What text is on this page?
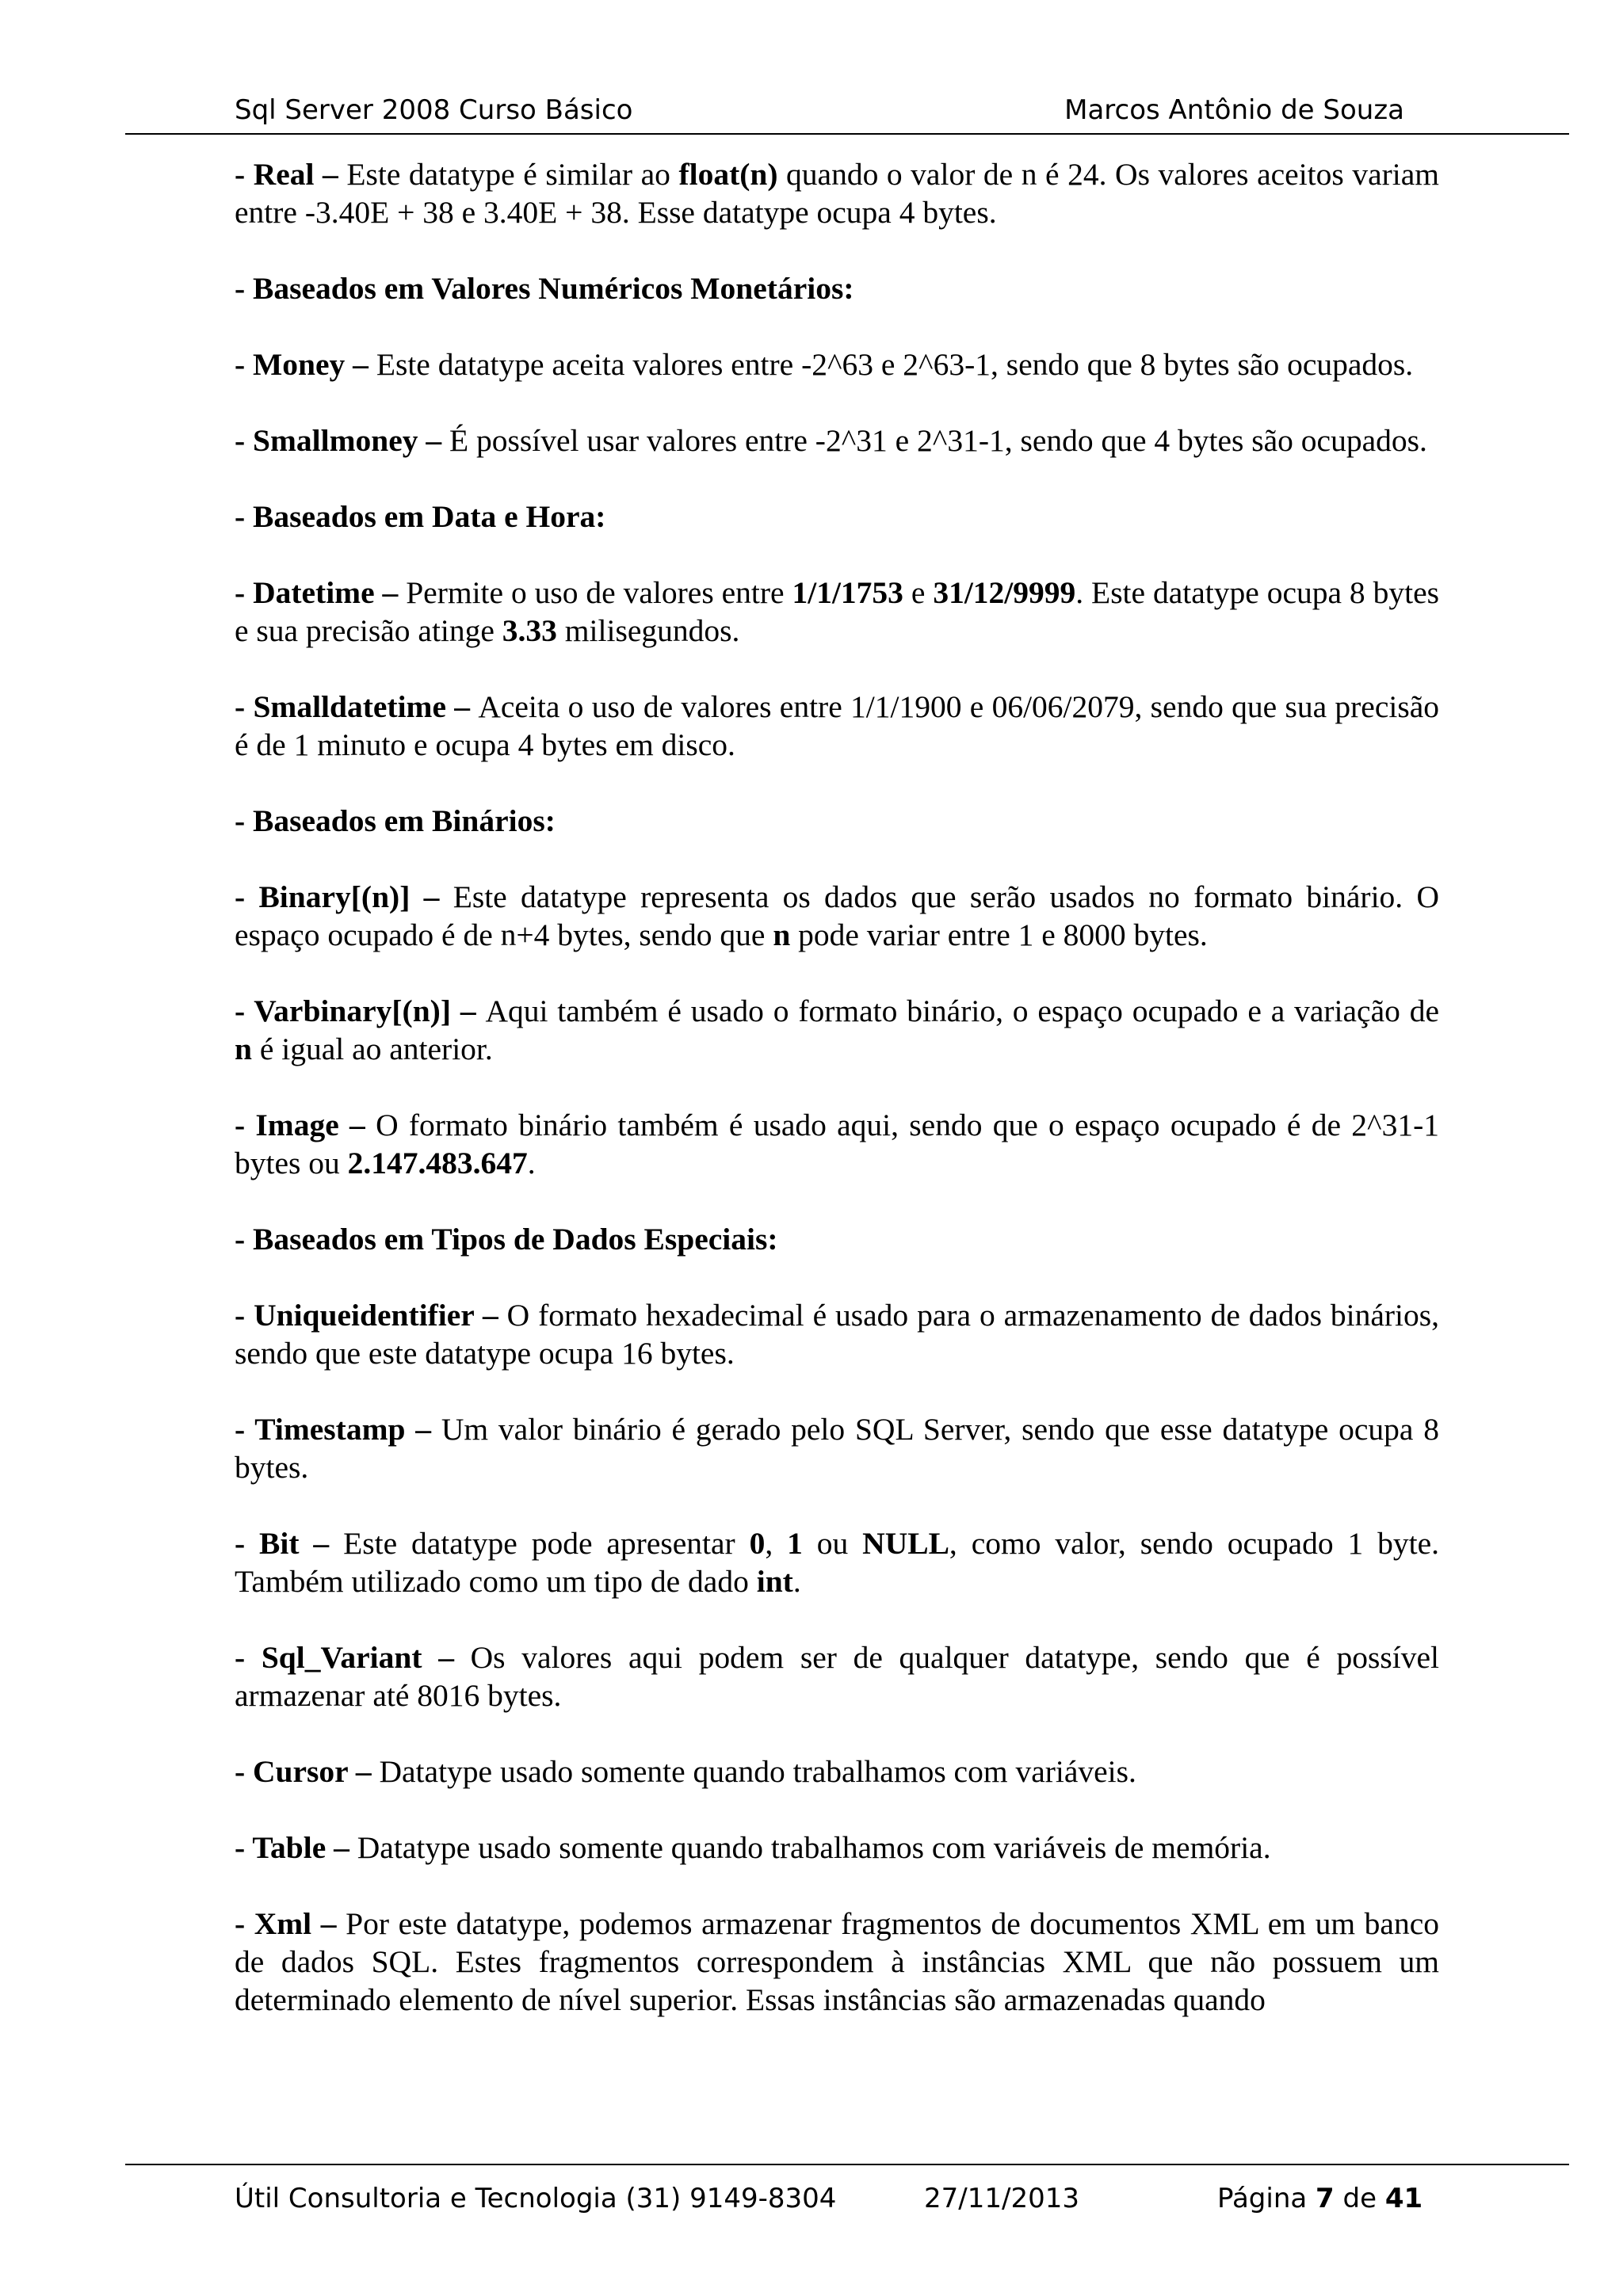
Sql Server 2008 Curso Básico	Marcos Antônio de Souza

- Real – Este datatype é similar ao float(n) quando o valor de n é 24. Os valores aceitos variam entre -3.40E + 38 e 3.40E + 38. Esse datatype ocupa 4 bytes.

- Baseados em Valores Numéricos Monetários:

- Money – Este datatype aceita valores entre -2^63 e 2^63-1, sendo que 8 bytes são ocupados.

- Smallmoney – É possível usar valores entre -2^31 e 2^31-1, sendo que 4 bytes são ocupados.

- Baseados em Data e Hora:

- Datetime – Permite o uso de valores entre 1/1/1753 e 31/12/9999. Este datatype ocupa 8 bytes e sua precisão atinge 3.33 milisegundos.

- Smalldatetime – Aceita o uso de valores entre 1/1/1900 e 06/06/2079, sendo que sua precisão é de 1 minuto e ocupa 4 bytes em disco.

- Baseados em Binários:

- Binary[(n)] – Este datatype representa os dados que serão usados no formato binário. O espaço ocupado é de n+4 bytes, sendo que n pode variar entre 1 e 8000 bytes.

- Varbinary[(n)] – Aqui também é usado o formato binário, o espaço ocupado e a variação de n é igual ao anterior.

- Image – O formato binário também é usado aqui, sendo que o espaço ocupado é de 2^31-1 bytes ou 2.147.483.647.

- Baseados em Tipos de Dados Especiais:

- Uniqueidentifier – O formato hexadecimal é usado para o armazenamento de dados binários, sendo que este datatype ocupa 16 bytes.

- Timestamp – Um valor binário é gerado pelo SQL Server, sendo que esse datatype ocupa 8 bytes.

- Bit – Este datatype pode apresentar 0, 1 ou NULL, como valor, sendo ocupado 1 byte. Também utilizado como um tipo de dado int.

- Sql_Variant – Os valores aqui podem ser de qualquer datatype, sendo que é possível armazenar até 8016 bytes.

- Cursor – Datatype usado somente quando trabalhamos com variáveis.

- Table – Datatype usado somente quando trabalhamos com variáveis de memória.

- Xml – Por este datatype, podemos armazenar fragmentos de documentos XML em um banco de dados SQL. Estes fragmentos correspondem à instâncias XML que não possuem um determinado elemento de nível superior. Essas instâncias são armazenadas quando

Útil Consultoria e Tecnologia (31) 9149-8304	27/11/2013	Página 7 de 41
